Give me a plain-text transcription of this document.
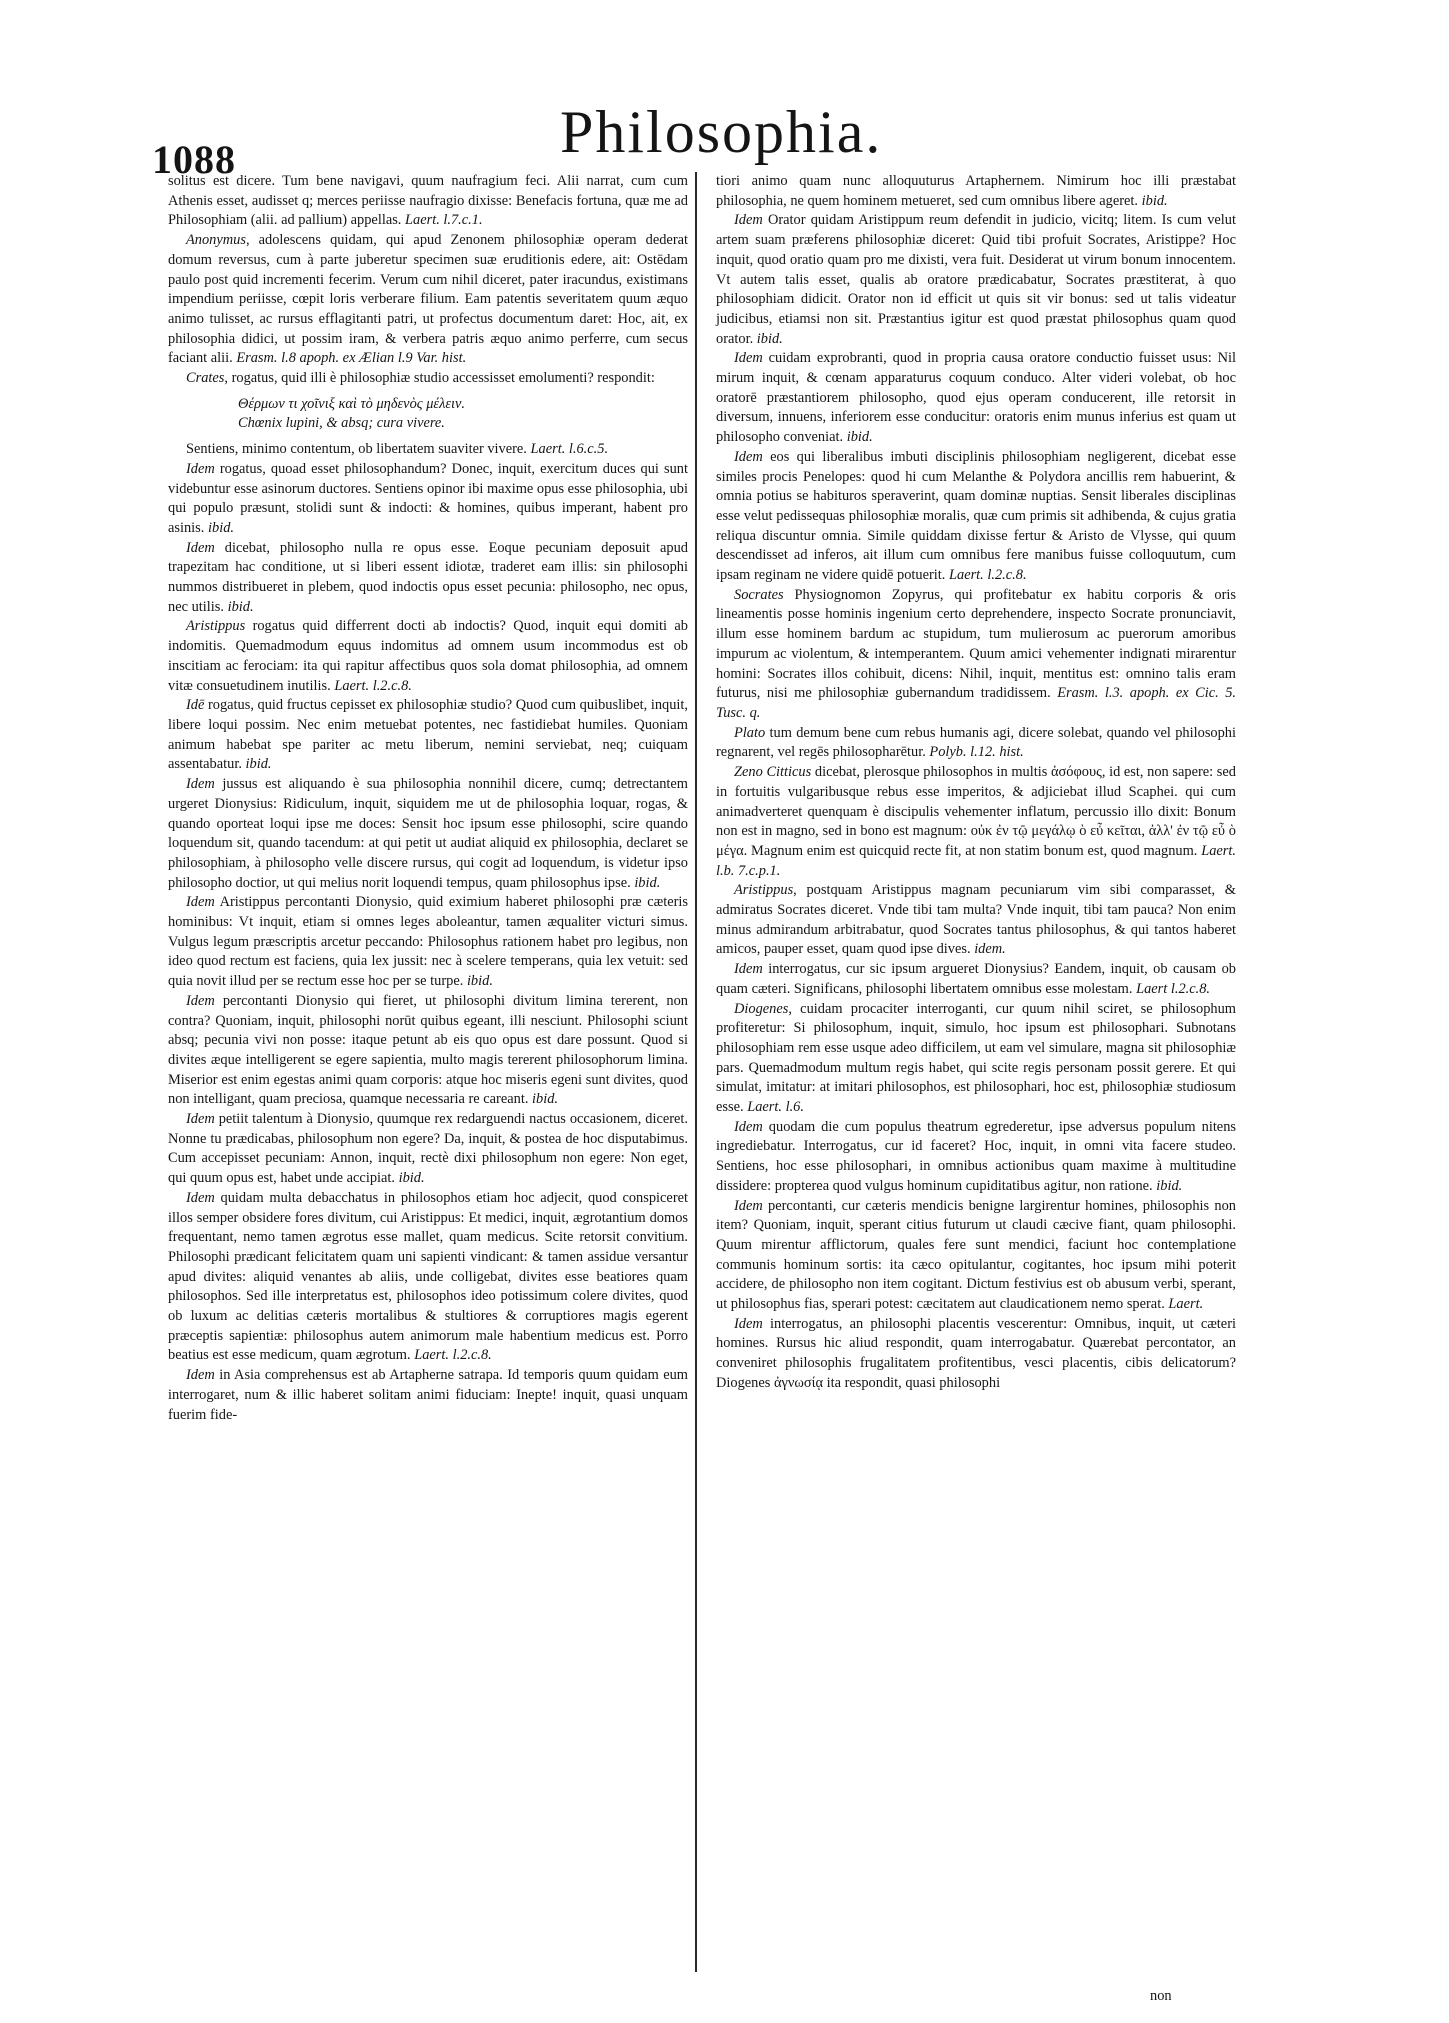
1088	Philosophia.

solitus est dicere. Tum bene navigavi, quum naufragium feci. Alii narrat, cum cum Athenis esset, audisset q; merces periisse naufragio dixisse: Benefacis fortuna, quæ me ad Philosophiam (alii. ad pallium) appellas. Laert. l.7.c.1.

Anonymus, adolescens quidam, qui apud Zenonem philosophiæ operam dederat domum reversus, cum à parte juberetur specimen suæ eruditionis edere, ait: Ostēdam paulo post quid incrementi fecerim. Verum cum nihil diceret, pater iracundus, existimans impendium periisse, cœpit loris verberare filium. Eam patentis severitatem quum æquo animo tulisset, ac rursus efflagitanti patri, ut profectus documentum daret: Hoc, ait, ex philosophia didici, ut possim iram, & verbera patris æquo animo perferre, cum secus faciant alii. Erasm. l.8 apoph. ex Ælian l.9 Var. hist.

Crates, rogatus, quid illi è philosophiæ studio accessisset emolumenti? respondit:

Θέρμων τι χοῖνιξ καὶ τὸ μηδενὸς μέλειν.
Chœnix lupini, & absq; cura vivere.

Sentiens, minimo contentum, ob libertatem suaviter vivere. Laert. l.6.c.5.

Idem rogatus, quoad esset philosophandum? Donec, inquit, exercitum duces qui sunt videbuntur esse asinorum ductores. Sentiens opinor ibi maxime opus esse philosophia, ubi qui populo præsunt, stolidi sunt & indocti: & homines, quibus imperant, habent pro asinis. ibid.

Idem dicebat, philosopho nulla re opus esse. Eoque pecuniam deposuit apud trapezitam hac conditione, ut si liberi essent idiotæ, traderet eam illis: sin philosophi nummos distribueret in plebem, quod indoctis opus esset pecunia: philosopho, nec opus, nec utilis. ibid.

Aristippus rogatus quid differrent docti ab indoctis? Quod, inquit equi domiti ab indomitis. Quemadmodum equus indomitus ad omnem usum incommodus est ob inscitiam ac ferociam: ita qui rapitur affectibus quos sola domat philosophia, ad omnem vitæ consuetudinem inutilis. Laert. l.2.c.8.

Idē rogatus, quid fructus cepisset ex philosophiæ studio? Quod cum quibuslibet, inquit, libere loqui possim. Nec enim metuebat potentes, nec fastidiebat humiles. Quoniam animum habebat spe pariter ac metu liberum, nemini serviebat, neq; cuiquam assentabatur. ibid.

Idem jussus est aliquando è sua philosophia nonnihil dicere, cumq; detrectantem urgeret Dionysius: Ridiculum, inquit, siquidem me ut de philosophia loquar, rogas, & quando oporteat loqui ipse me doces: Sensit hoc ipsum esse philosophi, scire quando loquendum sit, quando tacendum: at qui petit ut audiat aliquid ex philosophia, declaret se philosophiam, à philosopho velle discere rursus, qui cogit ad loquendum, is videtur ipso philosopho doctior, ut qui melius norit loquendi tempus, quam philosophus ipse. ibid.

Idem Aristippus percontanti Dionysio, quid eximium haberet philosophi præ cæteris hominibus: Vt inquit, etiam si omnes leges aboleantur, tamen æqualiter victuri simus. Vulgus legum præscriptis arcetur peccando: Philosophus rationem habet pro legibus, non ideo quod rectum est faciens, quia lex jussit: nec à scelere temperans, quia lex vetuit: sed quia novit illud per se rectum esse hoc per se turpe. ibid.

Idem percontanti Dionysio qui fieret, ut philosophi divitum limina tererent, non contra? Quoniam, inquit, philosophi norūt quibus egeant, illi nesciunt. Philosophi sciunt absq; pecunia vivi non posse: itaque petunt ab eis quo opus est dare possunt. Quod si divites æque intelligerent se egere sapientia, multo magis tererent philosophorum limina. Miserior est enim egestas animi quam corporis: atque hoc miseris egeni sunt divites, quod non intelligant, quam preciosa, quamque necessaria re careant. ibid.

Idem petiit talentum à Dionysio, quumque rex redarguendi nactus occasionem, diceret. Nonne tu prædicabas, philosophum non egere? Da, inquit, & postea de hoc disputabimus. Cum accepisset pecuniam: Annon, inquit, rectè dixi philosophum non egere: Non eget, qui quum opus est, habet unde accipiat. ibid.

Idem quidam multa debacchatus in philosophos etiam hoc adjecit, quod conspiceret illos semper obsidere fores divitum, cui Aristippus: Et medici, inquit, ægrotantium domos frequentant, nemo tamen ægrotus esse mallet, quam medicus. Scite retorsit convitium. Philosophi prædicant felicitatem quam uni sapienti vindicant: & tamen assidue versantur apud divites: aliquid venantes ab aliis, unde colligebat, divites esse beatiores quam philosophos. Sed ille interpretatus est, philosophos ideo potissimum colere divites, quod ob luxum ac delitias cæteris mortalibus & stultiores & corruptiores magis egerent præceptis sapientiæ: philosophus autem animorum male habentium medicus est. Porro beatius est esse medicum, quam ægrotum. Laert. l.2.c.8.

Idem in Asia comprehensus est ab Artapherne satrapa. Id temporis quum quidam eum interrogaret, num & illic haberet solitam animi fiduciam: Inepte! inquit, quasi unquam fuerim fide-

tiori animo quam nunc alloquuturus Artaphernem. Nimirum hoc illi præstabat philosophia, ne quem hominem metueret, sed cum omnibus libere ageret. ibid.

Idem Orator quidam Aristippum reum defendit in judicio, vicitq; litem. Is cum velut artem suam præferens philosophiæ diceret: Quid tibi profuit Socrates, Aristippe? Hoc inquit, quod oratio quam pro me dixisti, vera fuit. Desiderat ut virum bonum innocentem. Vt autem talis esset, qualis ab oratore prædicabatur, Socrates præstiterat, à quo philosophiam didicit. Orator non id efficit ut quis sit vir bonus: sed ut talis videatur judicibus, etiamsi non sit. Præstantius igitur est quod præstat philosophus quam quod orator. ibid.

Idem cuidam exprobranti, quod in propria causa oratore conductio fuisset usus: Nil mirum inquit, & cœnam apparaturus coquum conduco. Alter videri volebat, ob hoc oratorē præstantiorem philosopho, quod ejus operam conducerent, ille retorsit in diversum, innuens, inferiorem esse conducitur: oratoris enim munus inferius est quam ut philosopho conveniat. ibid.

Idem eos qui liberalibus imbuti disciplinis philosophiam negligerent, dicebat esse similes procis Penelopes: quod hi cum Melanthe & Polydora ancillis rem habuerint, & omnia potius se habituros speraverint, quam dominæ nuptias. Sensit liberales disciplinas esse velut pedissequas philosophiæ moralis, quæ cum primis sit adhibenda, & cujus gratia reliqua discuntur omnia. Simile quiddam dixisse fertur & Aristo de Vlysse, qui quum descendisset ad inferos, ait illum cum omnibus fere manibus fuisse colloquutum, cum ipsam reginam ne videre quidē potuerit. Laert. l.2.c.8.

Socrates Physiognomon Zopyrus, qui profitebatur ex habitu corporis & oris lineamentis posse hominis ingenium certo deprehendere, inspecto Socrate pronunciavit, illum esse hominem bardum ac stupidum, tum mulierosum ac puerorum amoribus impurum ac violentum, & intemperantem. Quum amici vehementer indignati mirarentur homini: Socrates illos cohibuit, dicens: Nihil, inquit, mentitus est: omnino talis eram futurus, nisi me philosophiæ gubernandum tradidissem. Erasm. l.3. apoph. ex Cic. 5. Tusc. q.

Plato tum demum bene cum rebus humanis agi, dicere solebat, quando vel philosophi regnarent, vel regēs philosopharētur. Polyb. l.12. hist.

Zeno Citticus dicebat, plerosque philosophos in multis ἀσόφους, id est, non sapere: sed in fortuitis vulgaribusque rebus esse imperitos, & adjiciebat illud Scaphei. qui cum animadverteret quenquam è discipulis vehementer inflatum, percussio illo dixit: Bonum non est in magno, sed in bono est magnum: οὐκ ἐν τῷ μεγάλῳ ὸ εὖ κεῖται, ἀλλ' ἐν τῷ εὖ ὸ μέγα. Magnum enim est quicquid recte fit, at non statim bonum est, quod magnum. Laert. l.b. 7.c.p.1.

Aristippus, postquam Aristippus magnam pecuniarum vim sibi comparasset, & admiratus Socrates diceret. Vnde tibi tam multa? Vnde inquit, tibi tam pauca? Non enim minus admirandum arbitrabatur, quod Socrates tantus philosophus, & qui tantos haberet amicos, pauper esset, quam quod ipse dives. idem.

Idem interrogatus, cur sic ipsum argueret Dionysius? Eandem, inquit, ob causam ob quam cæteri. Significans, philosophi libertatem omnibus esse molestam. Laert l.2.c.8.

Diogenes, cuidam procaciter interroganti, cur quum nihil sciret, se philosophum profiteretur: Si philosophum, inquit, simulo, hoc ipsum est philosophari. Subnotans philosophiam rem esse usque adeo difficilem, ut eam vel simulare, magna sit philosophiæ pars. Quemadmodum multum regis habet, qui scite regis personam possit gerere. Et qui simulat, imitatur: at imitari philosophos, est philosophari, hoc est, philosophiæ studiosum esse. Laert. l.6.

Idem quodam die cum populus theatrum egrederetur, ipse adversus populum nitens ingrediebatur. Interrogatus, cur id faceret? Hoc, inquit, in omni vita facere studeo. Sentiens, hoc esse philosophari, in omnibus actionibus quam maxime à multitudine dissidere: propterea quod vulgus hominum cupiditatibus agitur, non ratione. ibid.

Idem percontanti, cur cæteris mendicis benigne largirentur homines, philosophis non item? Quoniam, inquit, sperant citius futurum ut claudi cæcive fiant, quam philosophi. Quum mirentur afflictorum, quales fere sunt mendici, faciunt hoc contemplatione communis hominum sortis: ita cæco opitulantur, cogitantes, hoc ipsum mihi poterit accidere, de philosopho non item cogitant. Dictum festivius est ob abusum verbi, sperant, ut philosophus fias, sperari potest: cæcitatem aut claudicationem nemo sperat. Laert.

Idem interrogatus, an philosophi placentis vescerentur: Omnibus, inquit, ut cæteri homines. Rursus hic aliud respondit, quam interrogabatur. Quærebat percontator, an conveniret philosophis frugalitatem profitentibus, vesci placentis, cibis delicatorum? Diogenes ἀγνωσίᾳ ita respondit, quasi philosophi

non
